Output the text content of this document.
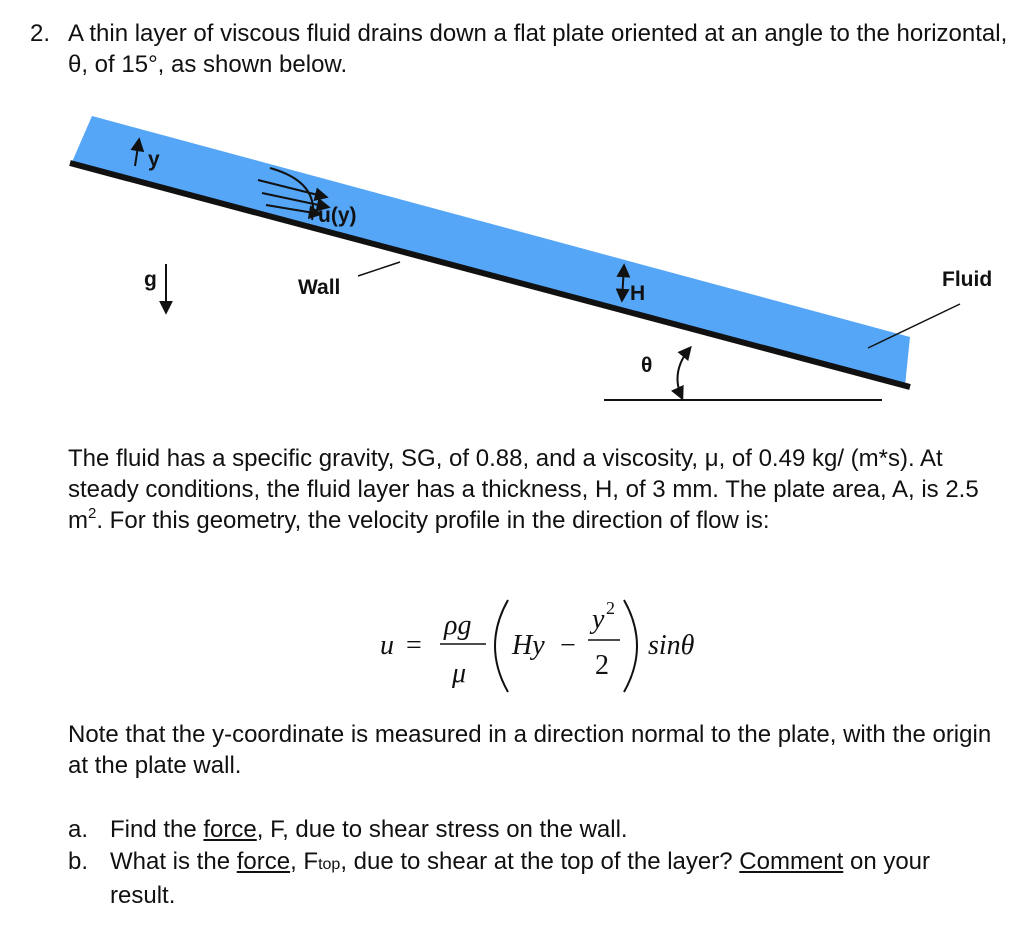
2. A thin layer of viscous fluid drains down a flat plate oriented at an angle to the horizontal, θ, of 15°, as shown below.

y
u(y)
g	Wall	H
Fluid
θ

The fluid has a specific gravity, SG, of 0.88, and a viscosity, μ, of 0.49 kg/ (m*s). At steady conditions, the fluid layer has a thickness, H, of 3 mm. The plate area, A, is 2.5 $m^2$. For this geometry, the velocity profile in the direction of flow is:

u =
ρg
μ
Hy −
y 2
2
sinθ

Note that the y-coordinate is measured in a direction normal to the plate, with the origin at the plate wall.

a. Find the force, F, due to shear stress on the wall.
b. What is the force, Ftop, due to shear at the top of the layer? Comment on your result.
